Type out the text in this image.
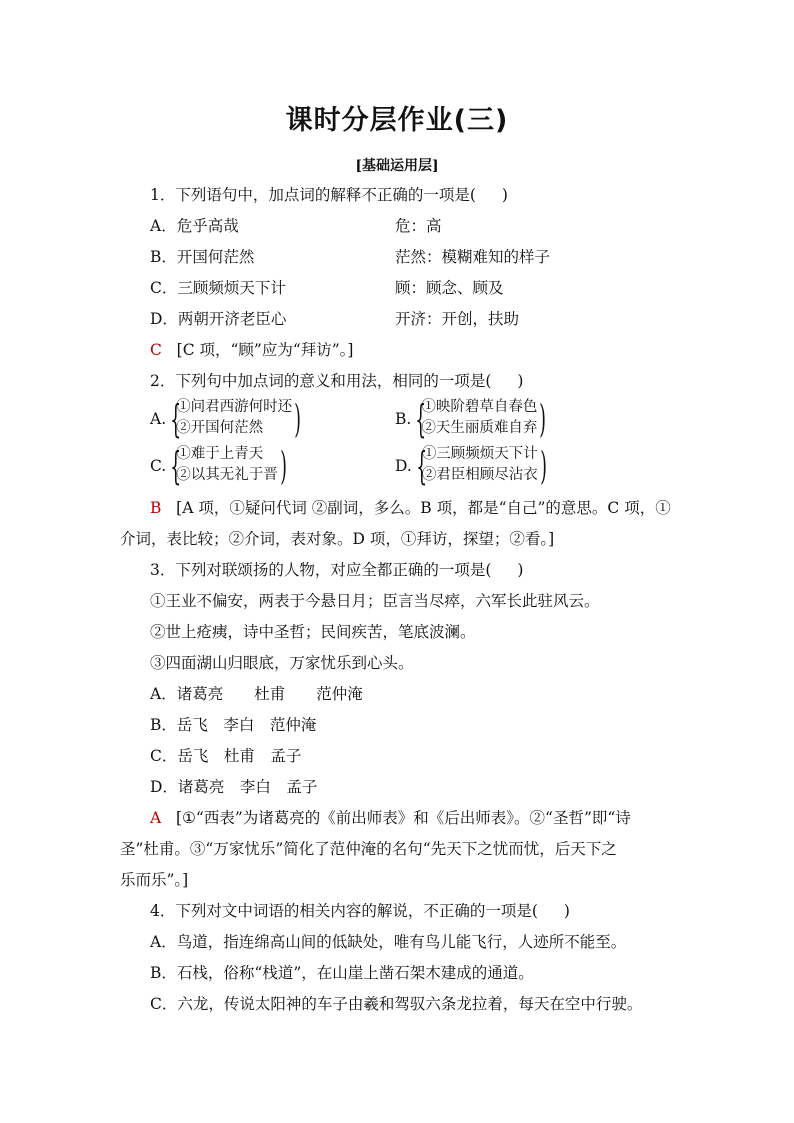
课时分层作业(三)
[基础运用层]
1．下列语句中，加点词的解释不正确的一项是( )
A．危乎高哉	危：高
B．开国何茫然	茫然：模糊难知的样子
C．三顾频烦天下计	顾：顾念、顾及
D．两朝开济老臣心	开济：开创，扶助
C [C 项，“顾”应为“拜访”。]
2．下列句中加点词的意义和用法，相同的一项是( )
A. {
①问君西游何时还
②开国何茫然 )	B. {
①映阶碧草自春色
②天生丽质难自弃 )
C. {
①难于上青天
②以其无礼于晋 )	D. {
①三顾频烦天下计
②君臣相顾尽沾衣 )
B [A 项，①疑问代词 ②副词，多么。B 项，都是“自己”的意思。C 项，①
介词，表比较；②介词，表对象。D 项，①拜访，探望；②看。]
3．下列对联颂扬的人物，对应全都正确的一项是( )
①王业不偏安，两表于今悬日月；臣言当尽瘁，六军长此驻风云。
②世上疮痍，诗中圣哲；民间疾苦，笔底波澜。
③四面湖山归眼底，万家忧乐到心头。
A．诸葛亮　　杜甫　　范仲淹
B．岳飞　李白　范仲淹
C．岳飞　杜甫　孟子
D．诸葛亮　李白　孟子
A [①“西表”为诸葛亮的《前出师表》和《后出师表》。②“圣哲”即“诗
圣”杜甫。③“万家忧乐”简化了范仲淹的名句“先天下之忧而忧，后天下之
乐而乐”。]
4．下列对文中词语的相关内容的解说，不正确的一项是( )
A．鸟道，指连绵高山间的低缺处，唯有鸟儿能飞行，人迹所不能至。
B．石栈，俗称“栈道”，在山崖上凿石架木建成的通道。
C．六龙，传说太阳神的车子由羲和驾驭六条龙拉着，每天在空中行驶。
